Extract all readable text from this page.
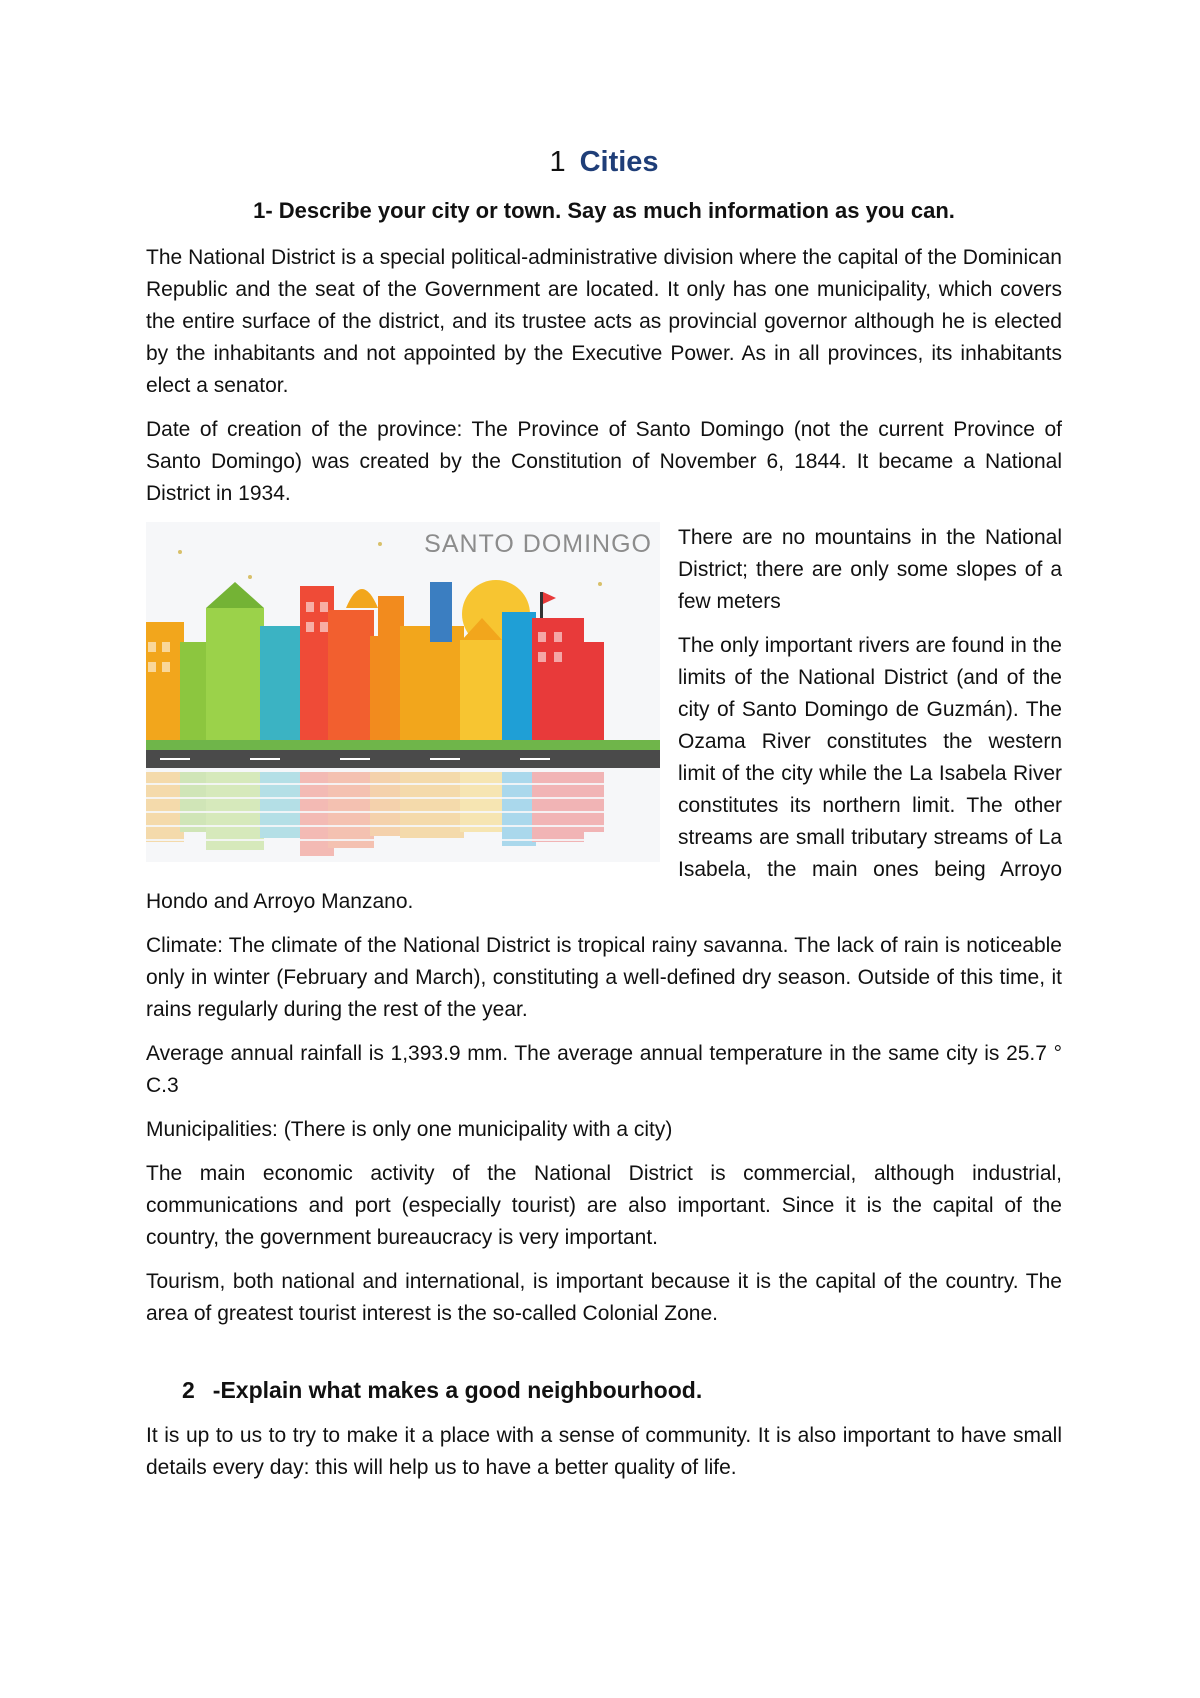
1 Cities
1- Describe your city or town. Say as much information as you can.

The National District is a special political-administrative division where the capital of the Dominican Republic and the seat of the Government are located. It only has one municipality, which covers the entire surface of the district, and its trustee acts as provincial governor although he is elected by the inhabitants and not appointed by the Executive Power. As in all provinces, its inhabitants elect a senator.

Date of creation of the province: The Province of Santo Domingo (not the current Province of Santo Domingo) was created by the Constitution of November 6, 1844. It became a National District in 1934.

SANTO DOMINGO	There are no mountains in the National District; there are only some slopes of a few meters

The only important rivers are found in the limits of the National District (and of the city of Santo Domingo de Guzmán). The Ozama River constitutes the western limit of the city while the La Isabela River constitutes its northern limit. The other streams are small tributary streams of La Isabela, the main ones being Arroyo Hondo and Arroyo Manzano.

Climate: The climate of the National District is tropical rainy savanna. The lack of rain is noticeable only in winter (February and March), constituting a well-defined dry season. Outside of this time, it rains regularly during the rest of the year.

Average annual rainfall is 1,393.9 mm. The average annual temperature in the same city is 25.7 ° C.3

Municipalities: (There is only one municipality with a city)

The main economic activity of the National District is commercial, although industrial, communications and port (especially tourist) are also important. Since it is the capital of the country, the government bureaucracy is very important.

Tourism, both national and international, is important because it is the capital of the country. The area of greatest tourist interest is the so-called Colonial Zone.

2 -Explain what makes a good neighbourhood.

It is up to us to try to make it a place with a sense of community. It is also important to have small details every day: this will help us to have a better quality of life.
